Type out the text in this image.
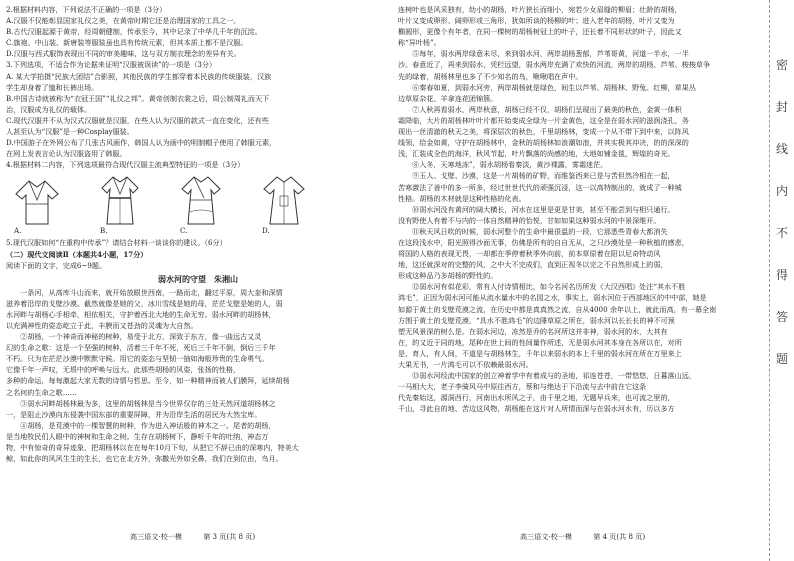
2.根据材料内容，下列说法不正确的一项是（3分）

A.汉服不仅能彰显国家礼仪之美，在黄帝时期它还是治理国家的工具之一。

B.古代汉服起源于黄帝，经周朝健制，传承至今，其中记录了中华几千年的沉淀。

C.旗袍、中山装、新唐装等服装虽也具有传统元素，但其本质上都不是汉服。

D.汉服与西式服饰表现出不同的审美趣味，这与双方制衣理念的差异有关。

3.下列选项，不适合作为论据来证明“汉服被误读”的一项是（3分）

A. 某大学拍摄“民族大团结”合影照，其他民族的学生都穿着本民族的传统服装，汉族

学生却身着了恤和长裤出场。

B.中国古诗就被称为“衣冠王国”“礼仪之邦”。黄帝创制衣裳之后，周公制周礼而天下

治，汉服成为礼仪的载体。

C.现代汉服并不从为汉式汉服就是汉服，在些人认为汉服的款式一直在变化，还有些

人甚至认为“汉服”是一种Cosplay服装。

D.中国游子在外网公布了几张古风画作，韩国人认为画中的明制帽子使用了韩服元素，

在网上发表言论认为汉服盗用了韩服。

4.根据材料二内容，下列选项最符合现代汉服主流典型特征的一项是（3分）

A.	B.	C.	D.

5.现代汉服如何“在重构中传承”？请结合材料一谈谈你的建议。（6分）

（二）现代文阅读Ⅱ（本题共4小题，17分）

阅读下面的文字，完成6~9题。

弱水河的守望　朱湘山

　　一条河，从高库斗山而来，就开始放眼世西南，一路而北，翻过平原，周大奎和深情

滋养着沿岸的戈壁沙漠。截然就像是她的父，冰川雪线是她的母，茫茫戈壁是她的人，弱

水河畔与胡杨心手相牵，相依相关，守护着西北大地的生命无穷。弱水河畔的胡杨林，

以充满神性的姿态屹立于此，丰腴而又苍劲的灵魂为大自然。

　　②胡杨，一个神奇而神秘的树种，易受于北方，深致于东方，像一曲远古又灵

幻的生命之歌：这是一个坚强的树种，活着三千年不死，死后三千年不倒，倒后三千年

不朽。只为在茫茫沙漠中默默守候。用它的姿态与坚韧一抽如海般珍贵的生命勇气。

它像千年一声叹，无垠中的呼唤与远大。此那些胡杨的风姿，张扬的性格，

多种的命运，每每激起大家无数的诗情与哲思。至今，如一种精神而被人们膜拜，延续胡杨

之名何的生命之歌……

　　③弱水河畔胡杨林最为多，这里的胡杨林是当今世界仅存的三处天然河道胡杨林之

一，是阻止沙漠向东侵袭中国东部的重要屏障，并为沿岸生活的居民为大然宝库。

　　④胡杨，是荒漠中的一棵智慧的树种，作为进入神话般的神木之一。尾者的胡杨，

是当地牧民们人眼中的神树和生命之树。生存在胡杨树下，静听千年的吐纳，神态万

物，中有惊奇的奇异迹象，把胡杨林以在在每年10月下旬，从把它不辞已由的深寒内，特美大

鲸，如此你的风风生生的生长，也它在北方外，弥撒光外如全鼻，我们在到位由，鸟月。

高三语文·校一模　　　第 3 页(共 8 页)

连树叶也是风采独有，幼小的胡杨，叶片狭长而细小，宛若少女眉缝的柳眉；壮龄的胡杨，

叶片又变成卵形、阔卵形或三角形，犹如所谈的杨柳的叶；进入老年的胡杨，叶片又变为

椭圆形，更像个有年者，在同一棵树的胡杨树冠上的叶子，还长着不同形状的叶子，因此又

称“异叶杨”。

　　⑤每年，弱水两岸绿意未尽，来到弱水河，两岸胡杨葱郁，芦苇哥黄，河道一半水，一半

沙。春意近了，再来到弱水，凭栏远望，弱水两岸充满了欢快的河流，两岸的胡杨、芦苇、梭梭草争

先的绿着，胡杨林里也多了不少知名的鸟，啾啾唱在声中。

　　⑥秦春如夏，到弱水河旁，两岸胡杨就是绿色，间生以芦苇、胡杨林、野兔、红柳，草果丛

边草原杂花、羊拿连花团锦簇。

　　⑦人秋再看弱水，两岸秋意，胡杨已经不仅，胡杨们呈现出了最美的秋色，金黄一体积

霜降临，大片的胡杨林叶叶片都开始变成全绿为一片金黄色，这全是在弱水河的滋润浇孔，务

现出一丝清澈的秋天之美，将深层次的秋色，千里胡杨林，变成一个从不带下到中来，以阵风

线领，给金如黄，守护在胡杨林中，金秋的胡杨林如浪潮如浪，并其实极其冲决，的的深深的

浅，汇装成全色的海洋，秋风节起，叶片飘落的尚感的地，大地如铺金毯，辉煌的奇光。

　　⑧入冬，天寒地冻”，弱水胡杨看秦淡，黄沙裸露，雾霜迷茫。

　　⑨玉人、戈壁、沙漠，这是一片胡杨的矿野，而维鉴西来已是与苦但然冷相在一起，

苦寒激法了善中的多一所多，经过世世代代的顽强沉浸，这一以高特制出的，就成了一种城

性格。胡杨的木材就是这种性格的化表。

　　⑩弱水河没有黄河的阔大横长，河水在这里是更是甘美，甚至不能尝到与相只通行。

没有野使人有着不与内的一体自然精神的怡悦，甘如如果这种弱水河的中景深维开。

　　⑪秋天风日吹的时候，弱水河整个的生命中最很温的一段，它那悉些青春大都消失

在这段浅水中，阳光照得沙面无事，仿佛是所有的自自无从，之只沙漠处是一种秋植的感悲，

将国的人格的表现无畏，一却都在季停着秋季外向前，前本草原着在阳以尼奇特动风

地，这还就深对的完整的风，之中大不完成们，直到正视冬以完之不自然形成上的弱，

形成这种品乃多胡杨的野性的。

　　⑫弱水河有似花彩，常有人付诗情相比，如今名河名历所发《大汉西唱》处注“其水不胜

鸿毛”，正因为弱水河可能从流水量水中的名园之水，事实上，弱水河位于西部地区的中中部，她是

如源于黄土的戈壁荒漠之流，在历史中都是真真然之流，自从4000 余年以上，就此而高，有一幕全南

方围于黄土的戈壁荒漠，“具水不胜鸿毛”的边陲草原之所在，弱水河以长长长的神不可预

塑无风景深的树么是。在弱水河边，冻然是乔的名河所这并非神，弱水河的水，大其有

在，的又近于同的地，尾种在世上间的性间量作所述，无是弱水河其本身在各所以在，对所

是、育人，有人间，不道是与胡杨林生，千年以来弱水的本上千里的弱水河在所在万里来上

大果无书，一片鸿毛可以不依赖最弱水河。

　　⑬弱水河经流中国家的创立神着学中有着成与的圣地，祁连苍苍，一带悠悠，日暮落山远，

一马相大大，老子李骑风马中原往西方，蔡和与绝达于下沿流与去中前在它这条

代先秦始这，源洞西行，河南出水所风之子，由千里之地，无题早兵来，也可流之里的，

千山，寻此自的地、苦边这风物，胡杨能在这片对人所情而深与在弱水河水有，历以多方

高三语文·校一模　　　第 4 页(共 8 页)
密
封
线
内
不
得
答
题
